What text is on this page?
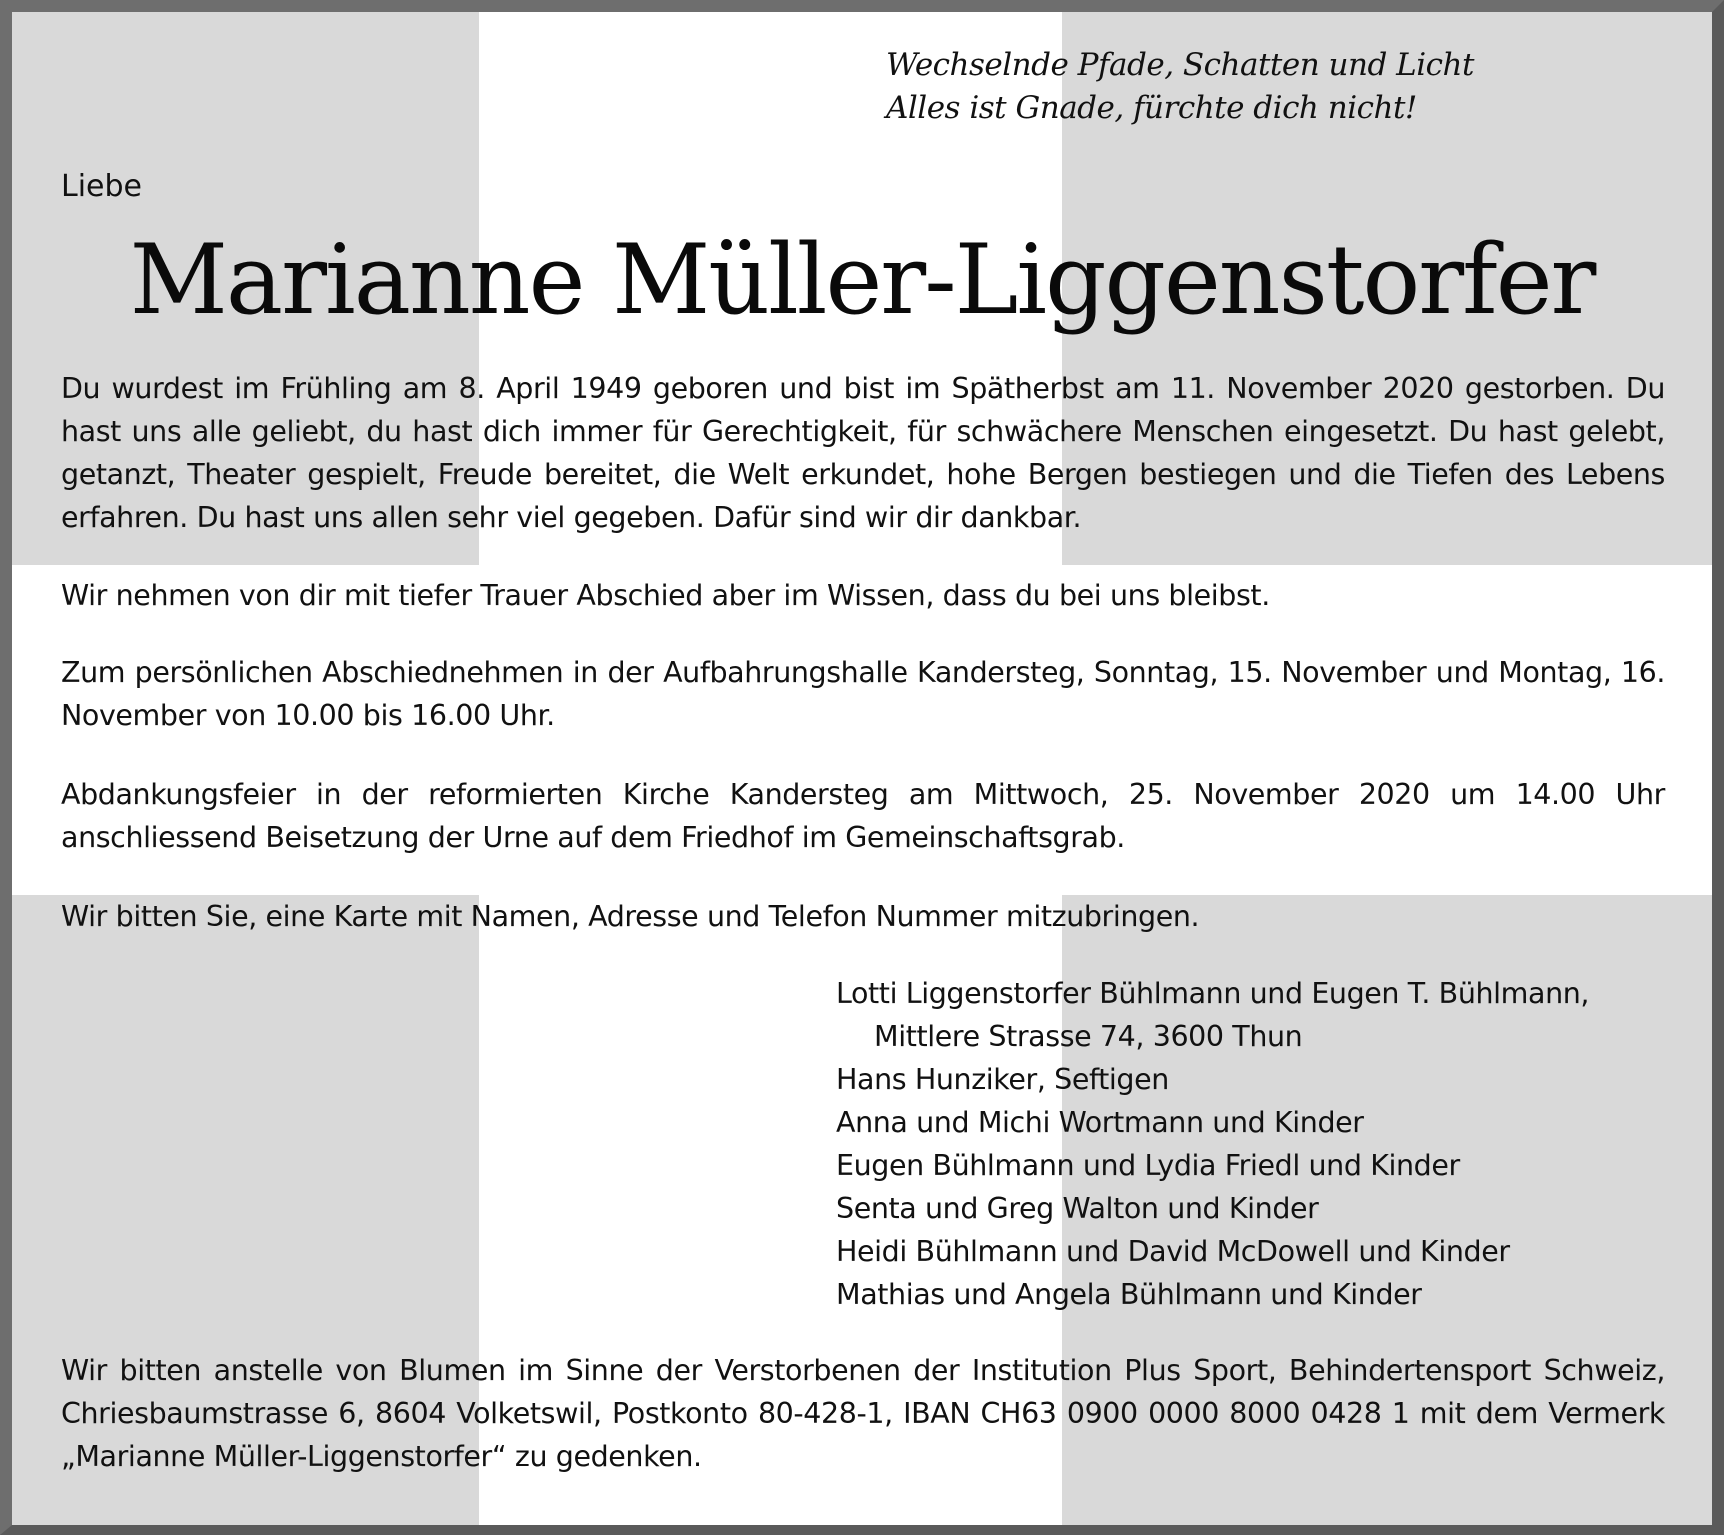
Wechselnde Pfade, Schatten und Licht
Alles ist Gnade, fürchte dich nicht!
Liebe
Marianne Müller-Liggenstorfer
Du wurdest im Frühling am 8. April 1949 geboren und bist im Spätherbst am 11. November 2020 gestorben. Du hast uns alle geliebt, du hast dich immer für Gerechtigkeit, für schwächere Menschen eingesetzt. Du hast gelebt, getanzt, Theater gespielt, Freude bereitet, die Welt erkundet, hohe Bergen bestiegen und die Tiefen des Lebens erfahren. Du hast uns allen sehr viel gegeben. Dafür sind wir dir dankbar.
Wir nehmen von dir mit tiefer Trauer Abschied aber im Wissen, dass du bei uns bleibst.
Zum persönlichen Abschiednehmen in der Aufbahrungshalle Kandersteg, Sonntag, 15. November und Montag, 16. November von 10.00 bis 16.00 Uhr.
Abdankungsfeier in der reformierten Kirche Kandersteg am Mittwoch, 25. November 2020 um 14.00 Uhr anschliessend Beisetzung der Urne auf dem Friedhof im Gemeinschaftsgrab.
Wir bitten Sie, eine Karte mit Namen, Adresse und Telefon Nummer mitzubringen.
Lotti Liggenstorfer Bühlmann und Eugen T. Bühlmann,
Mittlere Strasse 74, 3600 Thun
Hans Hunziker, Seftigen
Anna und Michi Wortmann und Kinder
Eugen Bühlmann und Lydia Friedl und Kinder
Senta und Greg Walton und Kinder
Heidi Bühlmann und David McDowell und Kinder
Mathias und Angela Bühlmann und Kinder
Wir bitten anstelle von Blumen im Sinne der Verstorbenen der Institution Plus Sport, Behindertensport Schweiz, Chriesbaumstrasse 6, 8604 Volketswil, Postkonto 80-428-1, IBAN CH63 0900 0000 8000 0428 1 mit dem Vermerk „Marianne Müller-Liggenstorfer“ zu gedenken.
